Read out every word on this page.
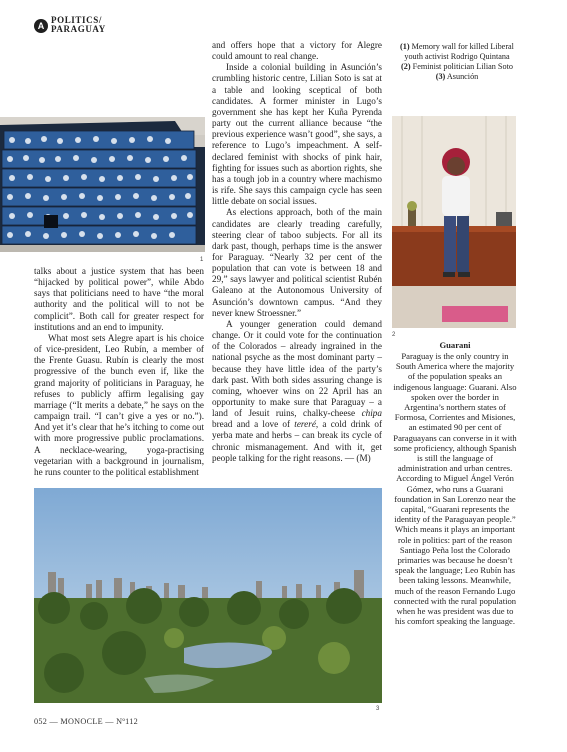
A
POLITICS/
PARAGUAY
1

talks about a justice system that has been “hijacked by political power”, while Abdo says that politicians need to have “the moral authority and the political will to not be complicit”. Both call for greater respect for institutions and an end to impunity.

What most sets Alegre apart is his choice of vice-president, Leo Rubín, a member of the Frente Guasu. Rubín is clearly the most progressive of the bunch even if, like the grand majority of politicians in Paraguay, he refuses to publicly affirm legalising gay marriage (“It merits a debate,” he says on the campaign trail. “I can’t give a yes or no.”). And yet it’s clear that he’s itching to come out with more progressive public proclamations. A necklace-wearing, yoga-practising vegetarian with a background in journalism, he runs counter to the political establishment

and offers hope that a victory for Alegre could amount to real change.

Inside a colonial building in Asunción’s crumbling historic centre, Lilian Soto is sat at a table and looking sceptical of both candidates. A former minister in Lugo’s government she has kept her Kuña Pyrenda party out the current alliance because “the previous experience wasn’t good”, she says, a reference to Lugo’s impeachment. A self-declared feminist with shocks of pink hair, fighting for issues such as abortion rights, she has a tough job in a country where machismo is rife. She says this campaign cycle has seen little debate on social issues.

As elections approach, both of the main candidates are clearly treading carefully, steering clear of taboo subjects. For all its dark past, though, perhaps time is the answer for Paraguay. “Nearly 32 per cent of the population that can vote is between 18 and 29,” says lawyer and political scientist Rubén Galeano at the Autonomous University of Asunción’s downtown campus. “And they never knew Stroessner.”

A younger generation could demand change. Or it could vote for the continuation of the Colorados – already ingrained in the national psyche as the most dominant party – because they have little idea of the party’s dark past. With both sides assuring change is coming, whoever wins on 22 April has an opportunity to make sure that Paraguay – a land of Jesuit ruins, chalky-cheese chipa bread and a love of tereré, a cold drink of yerba mate and herbs – can break its cycle of chronic mismanagement. And with it, get people talking for the right reasons. — (M)

(1) Memory wall for killed Liberal
youth activist Rodrigo Quintana
(2) Feminist politician Lilian Soto
(3) Asunción
2
Guarani
Paraguay is the only country in South America where the majority of the population speaks an indigenous language: Guarani. Also spoken over the border in Argentina’s northern states of Formosa, Corrientes and Misiones, an estimated 90 per cent of Paraguayans can converse in it with some proficiency, although Spanish is still the language of administration and urban centres. According to Miguel Ángel Verón Gómez, who runs a Guarani foundation in San Lorenzo near the capital, “Guarani represents the identity of the Paraguayan people.” Which means it plays an important role in politics: part of the reason Santiago Peña lost the Colorado primaries was because he doesn’t speak the language; Leo Rubín has been taking lessons. Meanwhile, much of the reason Fernando Lugo connected with the rural population when he was president was due to his comfort speaking the language.
3
052 — MONOCLE — Nº112
